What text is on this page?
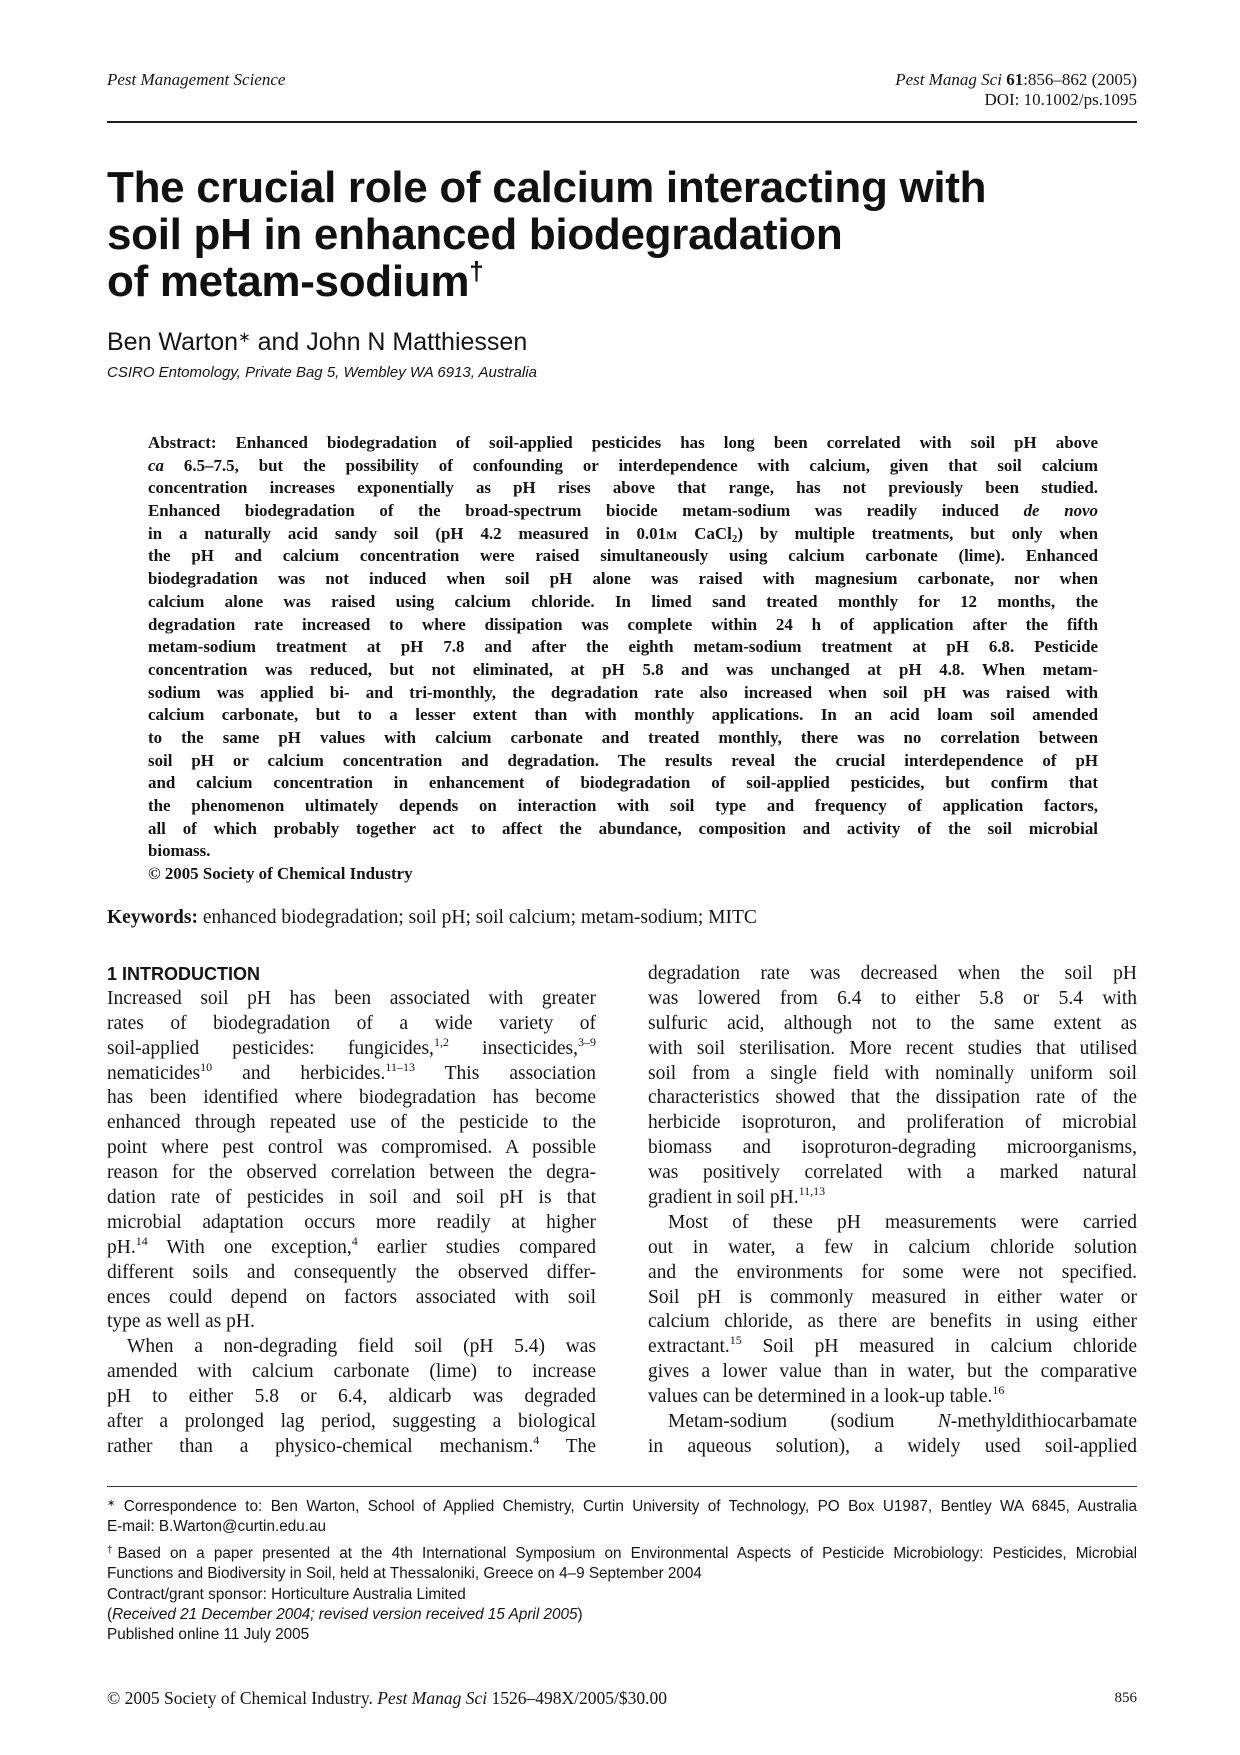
Pest Management Science	Pest Manag Sci 61:856–862 (2005)
DOI: 10.1002/ps.1095
The crucial role of calcium interacting with
soil pH in enhanced biodegradation
of metam-sodium†
Ben Warton∗ and John N Matthiessen
CSIRO Entomology, Private Bag 5, Wembley WA 6913, Australia
Abstract: Enhanced biodegradation of soil-applied pesticides has long been correlated with soil pH above
ca 6.5–7.5, but the possibility of confounding or interdependence with calcium, given that soil calcium
concentration increases exponentially as pH rises above that range, has not previously been studied.
Enhanced biodegradation of the broad-spectrum biocide metam-sodium was readily induced de novo
in a naturally acid sandy soil (pH 4.2 measured in 0.01M CaCl$_2$) by multiple treatments, but only when
the pH and calcium concentration were raised simultaneously using calcium carbonate (lime). Enhanced
biodegradation was not induced when soil pH alone was raised with magnesium carbonate, nor when
calcium alone was raised using calcium chloride. In limed sand treated monthly for 12 months, the
degradation rate increased to where dissipation was complete within 24 h of application after the fifth
metam-sodium treatment at pH 7.8 and after the eighth metam-sodium treatment at pH 6.8. Pesticide
concentration was reduced, but not eliminated, at pH 5.8 and was unchanged at pH 4.8. When metam-
sodium was applied bi- and tri-monthly, the degradation rate also increased when soil pH was raised with
calcium carbonate, but to a lesser extent than with monthly applications. In an acid loam soil amended
to the same pH values with calcium carbonate and treated monthly, there was no correlation between
soil pH or calcium concentration and degradation. The results reveal the crucial interdependence of pH
and calcium concentration in enhancement of biodegradation of soil-applied pesticides, but confirm that
the phenomenon ultimately depends on interaction with soil type and frequency of application factors,
all of which probably together act to affect the abundance, composition and activity of the soil microbial
biomass.
© 2005 Society of Chemical Industry
Keywords: enhanced biodegradation; soil pH; soil calcium; metam-sodium; MITC
1 INTRODUCTION
Increased soil pH has been associated with greater
rates of biodegradation of a wide variety of
soil-applied pesticides: fungicides,$^{1,2}$ insecticides,$^{3-9}$
nematicides$^{10}$ and herbicides.$^{11-13}$ This association
has been identified where biodegradation has become
enhanced through repeated use of the pesticide to the
point where pest control was compromised. A possible
reason for the observed correlation between the degra-
dation rate of pesticides in soil and soil pH is that
microbial adaptation occurs more readily at higher
pH.$^{14}$ With one exception,$^4$ earlier studies compared
different soils and consequently the observed differ-
ences could depend on factors associated with soil
type as well as pH.
When a non-degrading field soil (pH 5.4) was
amended with calcium carbonate (lime) to increase
pH to either 5.8 or 6.4, aldicarb was degraded
after a prolonged lag period, suggesting a biological
rather than a physico-chemical mechanism.$^4$ The
degradation rate was decreased when the soil pH
was lowered from 6.4 to either 5.8 or 5.4 with
sulfuric acid, although not to the same extent as
with soil sterilisation. More recent studies that utilised
soil from a single field with nominally uniform soil
characteristics showed that the dissipation rate of the
herbicide isoproturon, and proliferation of microbial
biomass and isoproturon-degrading microorganisms,
was positively correlated with a marked natural
gradient in soil pH.$^{11,13}$
Most of these pH measurements were carried
out in water, a few in calcium chloride solution
and the environments for some were not specified.
Soil pH is commonly measured in either water or
calcium chloride, as there are benefits in using either
extractant.$^{15}$ Soil pH measured in calcium chloride
gives a lower value than in water, but the comparative
values can be determined in a look-up table.$^{16}$
Metam-sodium (sodium N-methyldithiocarbamate
in aqueous solution), a widely used soil-applied
∗ Correspondence to: Ben Warton, School of Applied Chemistry, Curtin University of Technology, PO Box U1987, Bentley WA 6845, Australia
E-mail: B.Warton@curtin.edu.au
†Based on a paper presented at the 4th International Symposium on Environmental Aspects of Pesticide Microbiology: Pesticides, Microbial
Functions and Biodiversity in Soil, held at Thessaloniki, Greece on 4–9 September 2004
Contract/grant sponsor: Horticulture Australia Limited
(Received 21 December 2004; revised version received 15 April 2005)
Published online 11 July 2005
© 2005 Society of Chemical Industry. Pest Manag Sci 1526–498X/2005/$30.00	856
